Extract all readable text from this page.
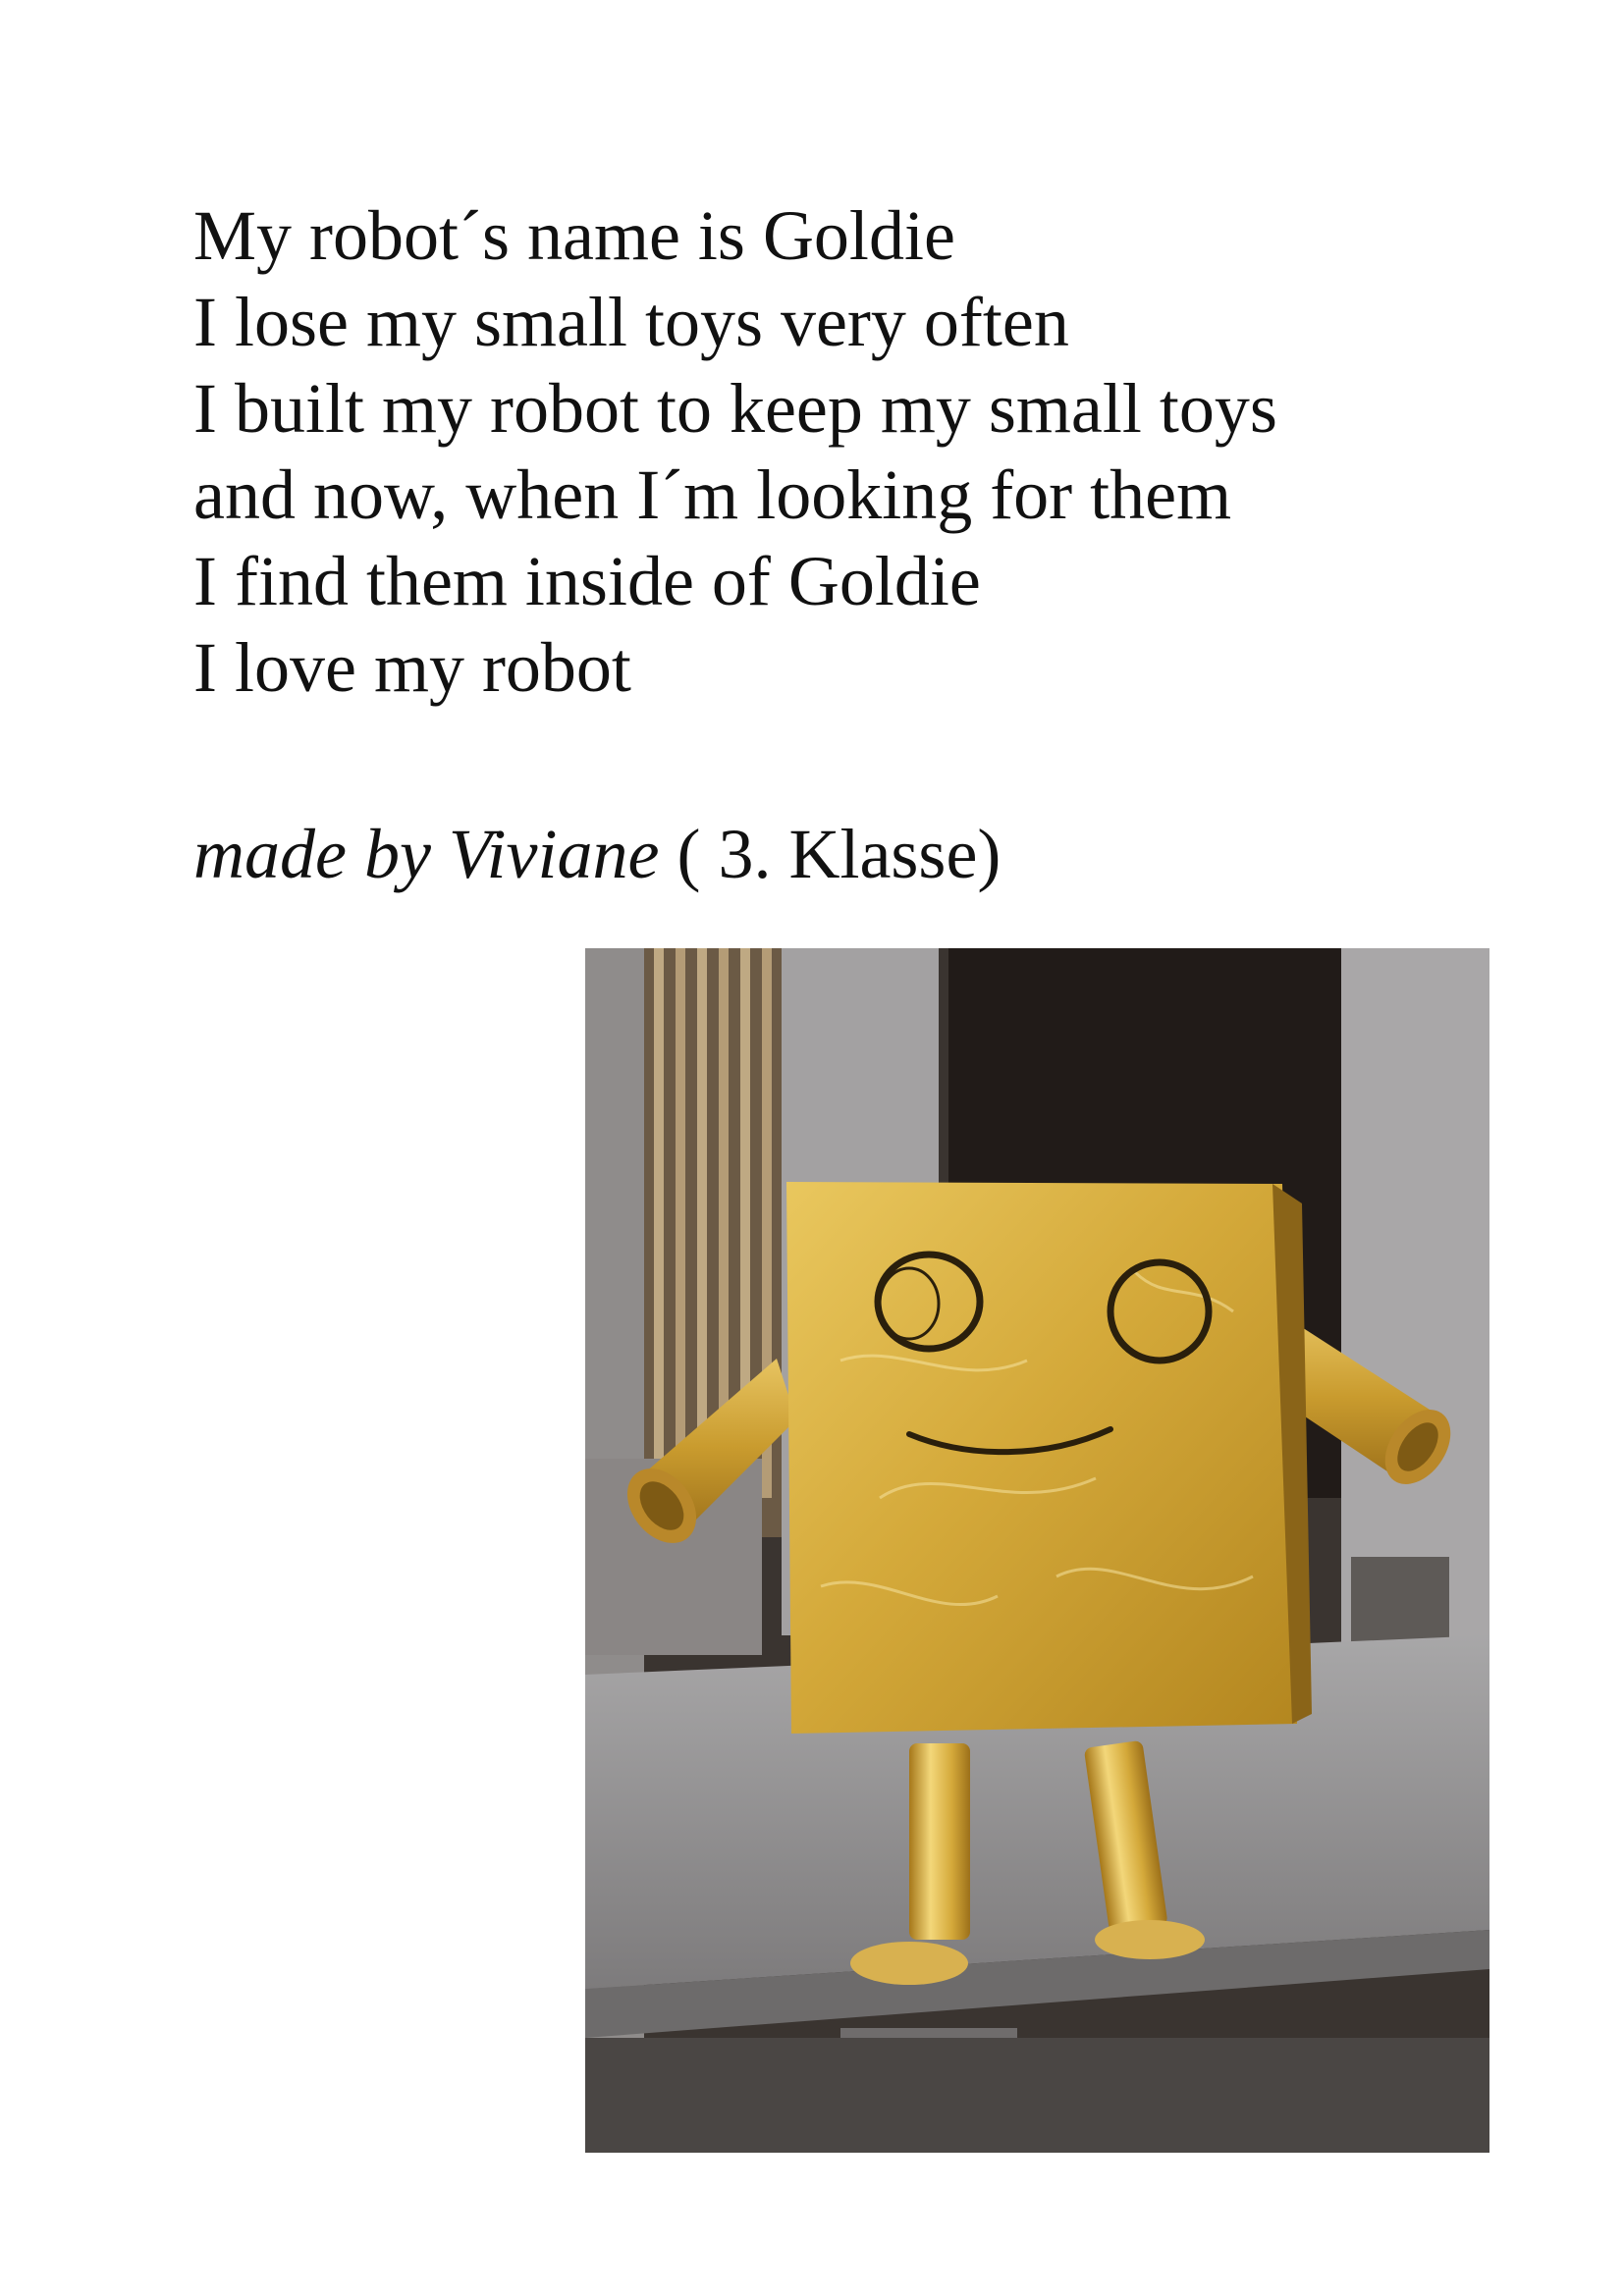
My robot´s name is Goldie
I lose my small toys very often
I built my robot to keep my small toys
and now, when I´m looking for them
I find them inside of Goldie
I love my robot

made by Viviane ( 3. Klasse)
